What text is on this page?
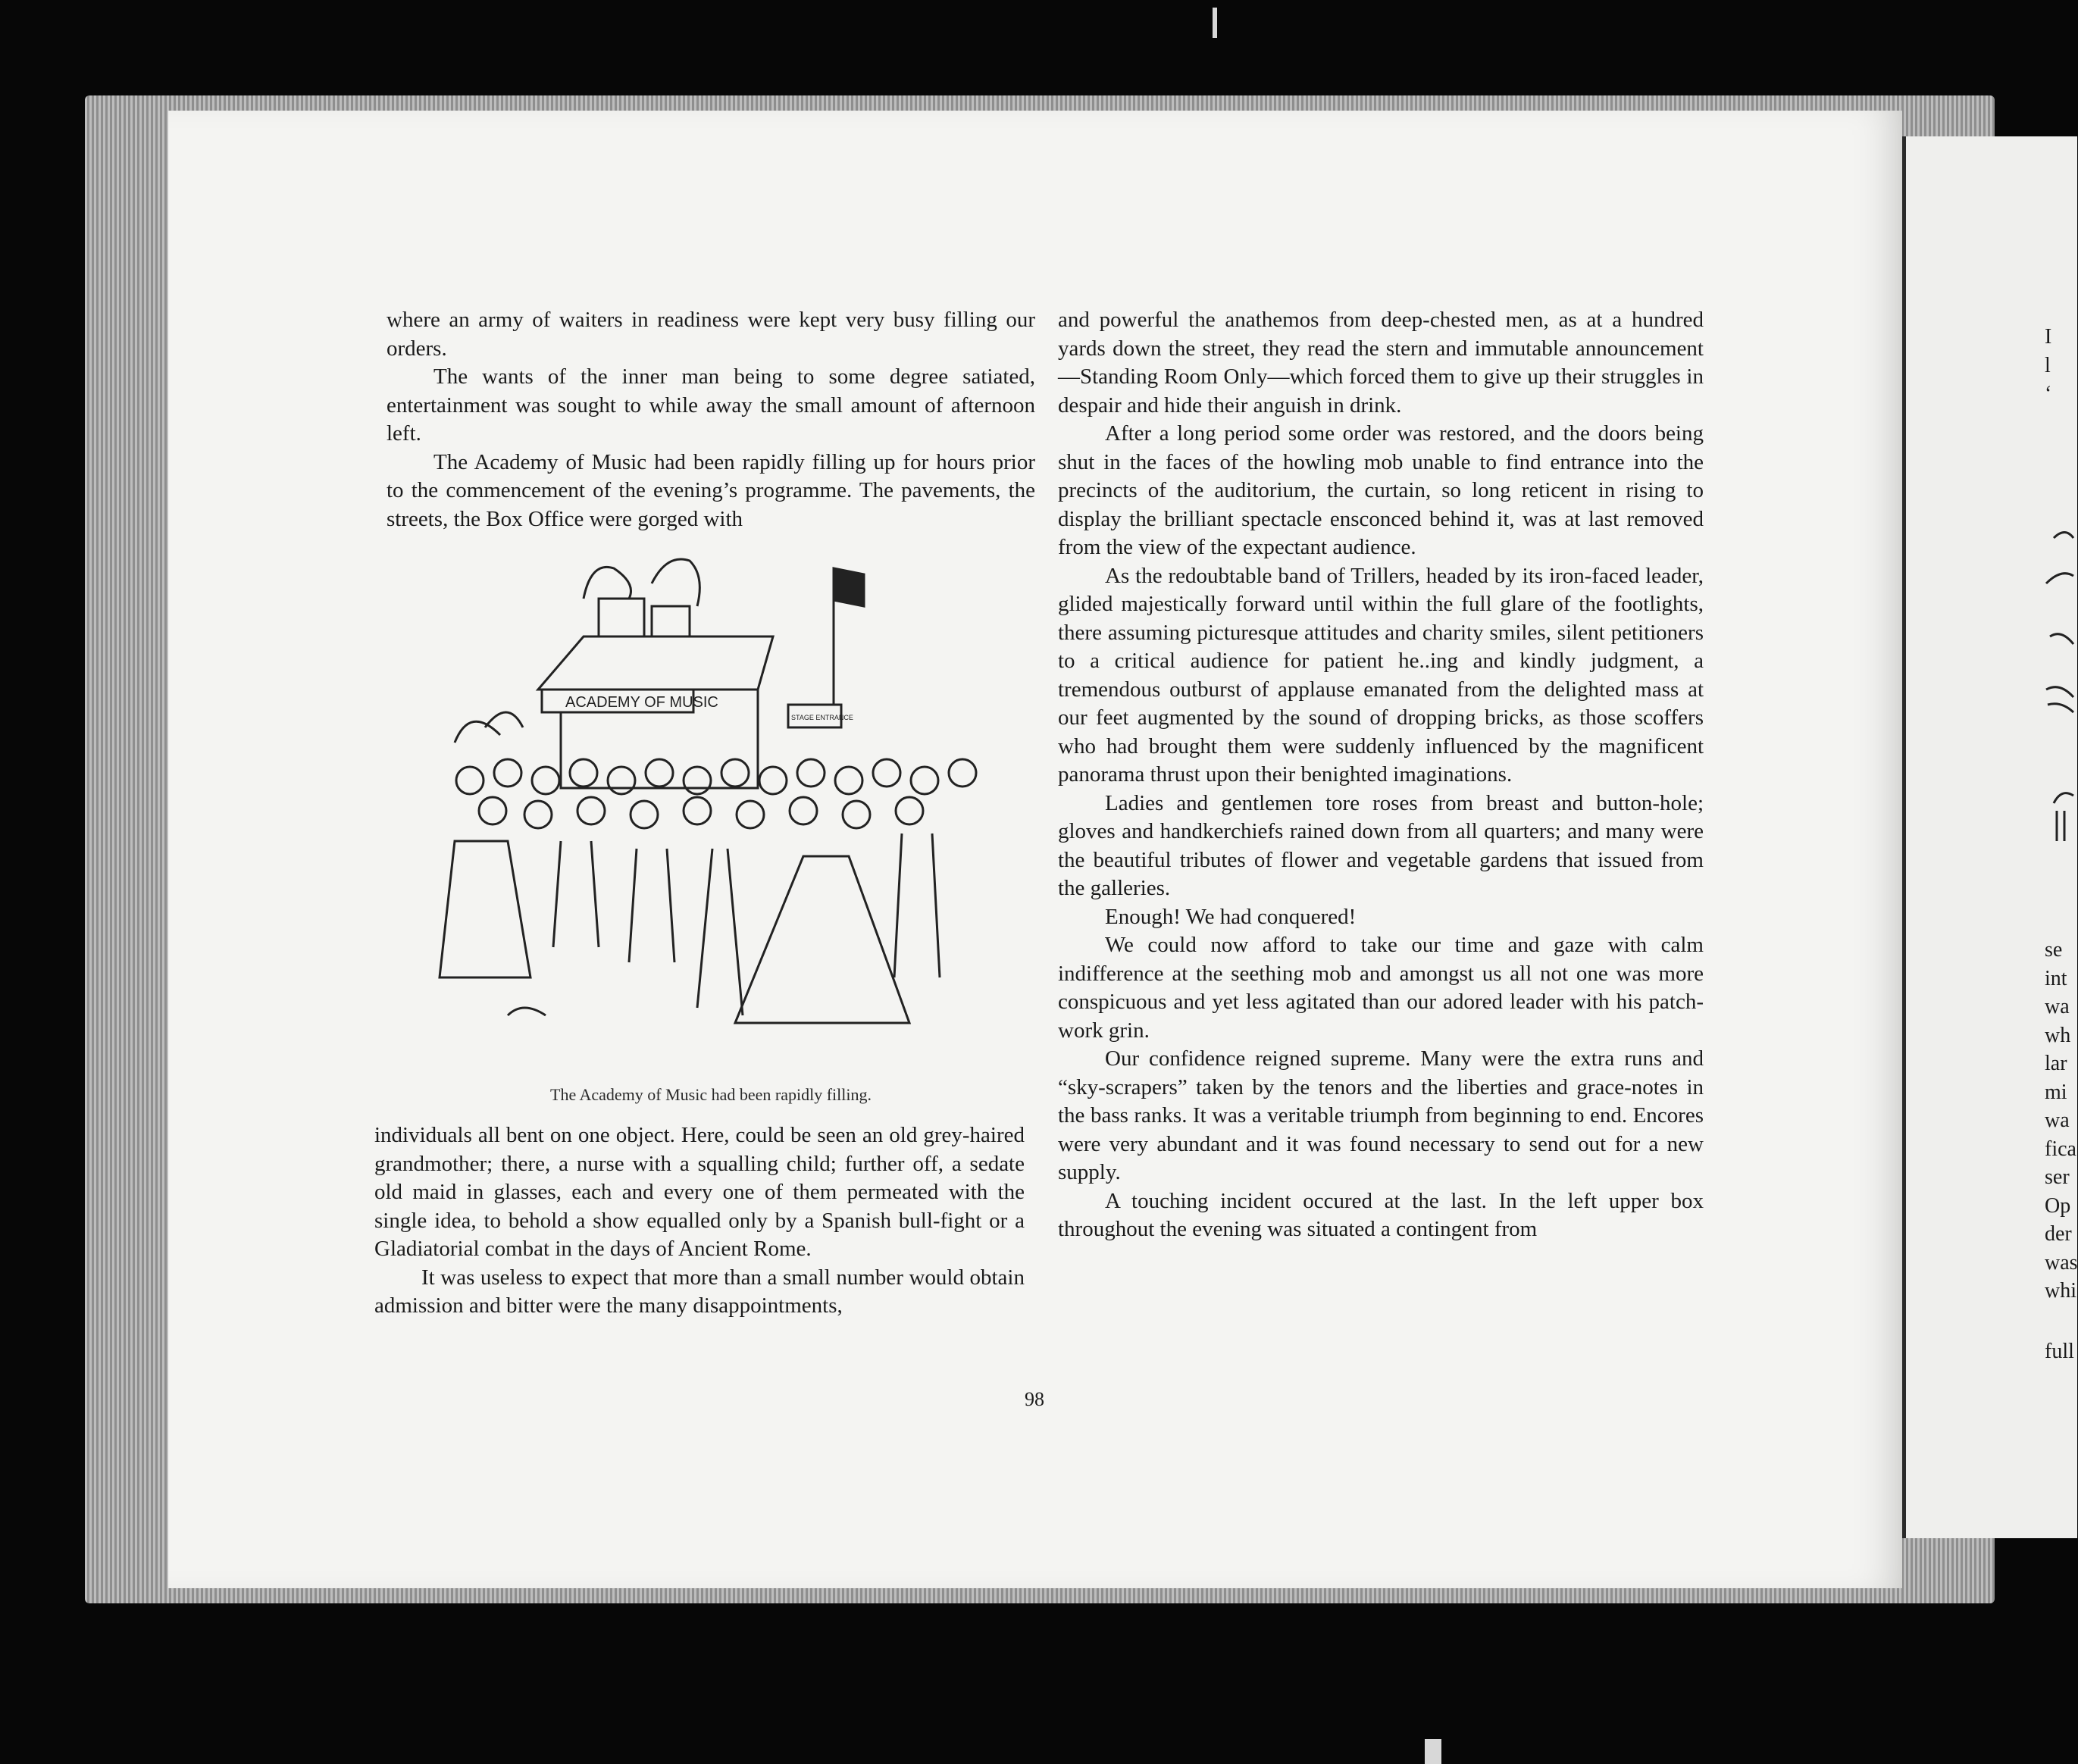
where an army of waiters in readiness were kept very busy filling our orders.

The wants of the inner man being to some degree satiated, entertainment was sought to while away the small amount of afternoon left.

The Academy of Music had been rapidly filling up for hours prior to the commencement of the evening’s programme. The pavements, the streets, the Box Office were gorged with

ACADEMY OF MUSIC
STAGE ENTRANCE
The Academy of Music had been rapidly filling.

individuals all bent on one object. Here, could be seen an old grey-haired grandmother; there, a nurse with a squalling child; further off, a sedate old maid in glasses, each and every one of them permeated with the single idea, to behold a show equalled only by a Spanish bull-fight or a Gladiatorial combat in the days of Ancient Rome.

It was useless to expect that more than a small number would obtain admission and bitter were the many disappointments,

and powerful the anathemos from deep-chested men, as at a hundred yards down the street, they read the stern and immutable announcement—Standing Room Only—which forced them to give up their struggles in despair and hide their anguish in drink.

After a long period some order was restored, and the doors being shut in the faces of the howling mob unable to find entrance into the precincts of the auditorium, the curtain, so long reticent in rising to display the brilliant spectacle ensconced behind it, was at last removed from the view of the expectant audience.

As the redoubtable band of Trillers, headed by its iron-faced leader, glided majestically forward until within the full glare of the footlights, there assuming picturesque attitudes and charity smiles, silent petitioners to a critical audience for patient he..ing and kindly judgment, a tremendous outburst of applause emanated from the delighted mass at our feet augmented by the sound of dropping bricks, as those scoffers who had brought them were suddenly influenced by the magnificent panorama thrust upon their benighted imaginations.

Ladies and gentlemen tore roses from breast and button-hole; gloves and handkerchiefs rained down from all quarters; and many were the beautiful tributes of flower and vegetable gardens that issued from the galleries.

Enough! We had conquered!

We could now afford to take our time and gaze with calm indifference at the seething mob and amongst us all not one was more conspicuous and yet less agitated than our adored leader with his patch-work grin.

Our confidence reigned supreme. Many were the extra runs and “sky-scrapers” taken by the tenors and the liberties and grace-notes in the bass ranks. It was a veritable triumph from beginning to end. Encores were very abundant and it was found necessary to send out for a new supply.

A touching incident occured at the last. In the left upper box throughout the evening was situated a contingent from

98
I
l
‘
se
int
wa
wh
lar
mi
wa
fica
ser
Op
der
was
whi
full
